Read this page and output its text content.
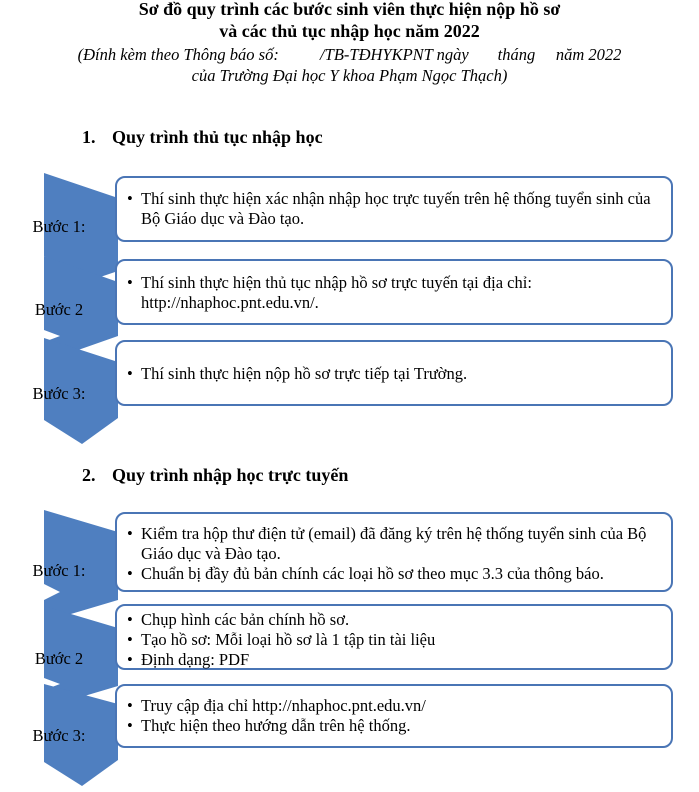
Sơ đồ quy trình các bước sinh viên thực hiện nộp hồ sơ
và các thủ tục nhập học năm 2022
(Đính kèm theo Thông báo số:          /TB-TĐHYKPNT ngày       tháng     năm 2022
của Trường Đại học Y khoa Phạm Ngọc Thạch)
1. Quy trình thủ tục nhập học
2. Quy trình nhập học trực tuyến
Bước 1:
Bước 2
Bước 3:
Bước 1:
Bước 2
Bước 3:
• Thí sinh thực hiện xác nhận nhập học trực tuyến trên hệ thống tuyển sinh của Bộ Giáo dục và Đào tạo.
• Thí sinh thực hiện thủ tục nhập hồ sơ trực tuyến tại địa chỉ: http://nhaphoc.pnt.edu.vn/.
• Thí sinh thực hiện nộp hồ sơ trực tiếp tại Trường.
• Kiểm tra hộp thư điện tử (email) đã đăng ký trên hệ thống tuyển sinh của Bộ Giáo dục và Đào tạo.
• Chuẩn bị đầy đủ bản chính các loại hồ sơ theo mục 3.3 của thông báo.
• Chụp hình các bản chính hồ sơ.
• Tạo hồ sơ: Mỗi loại hồ sơ là 1 tập tin tài liệu
• Định dạng: PDF
• Truy cập địa chỉ http://nhaphoc.pnt.edu.vn/
• Thực hiện theo hướng dẫn trên hệ thống.
